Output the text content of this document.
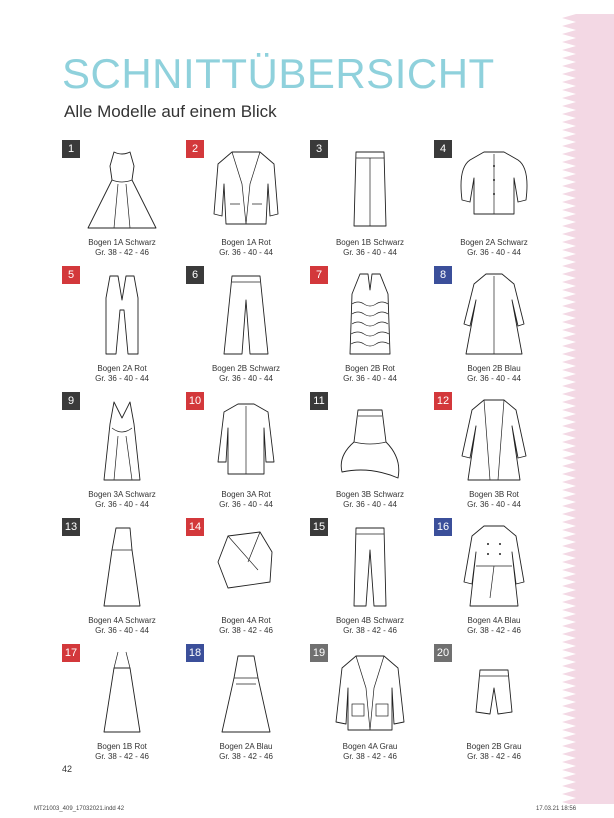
SCHNITTÜBERSICHT
Alle Modelle auf einem Blick
1
Bogen 1A Schwarz
Gr. 38 - 42 - 46
2
Bogen 1A Rot
Gr. 36 - 40 - 44
3
Bogen 1B Schwarz
Gr. 36 - 40 - 44
4
Bogen 2A Schwarz
Gr. 36 - 40 - 44
5
Bogen 2A Rot
Gr. 36 - 40 - 44
6
Bogen 2B Schwarz
Gr. 36 - 40 - 44
7
Bogen 2B Rot
Gr. 36 - 40 - 44
8
Bogen 2B Blau
Gr. 36 - 40 - 44
9
Bogen 3A Schwarz
Gr. 36 - 40 - 44
10
Bogen 3A Rot
Gr. 36 - 40 - 44
11
Bogen 3B Schwarz
Gr. 36 - 40 - 44
12
Bogen 3B Rot
Gr. 36 - 40 - 44
13
Bogen 4A Schwarz
Gr. 36 - 40 - 44
14
Bogen 4A Rot
Gr. 38 - 42 - 46
15
Bogen 4B Schwarz
Gr. 38 - 42 - 46
16
Bogen 4A Blau
Gr. 38 - 42 - 46
17
Bogen 1B Rot
Gr. 38 - 42 - 46
18
Bogen 2A Blau
Gr. 38 - 42 - 46
19
Bogen 4A Grau
Gr. 38 - 42 - 46
20
Bogen 2B Grau
Gr. 38 - 42 - 46
42
MT21003_409_17032021.indd 42	17.03.21 18:56
